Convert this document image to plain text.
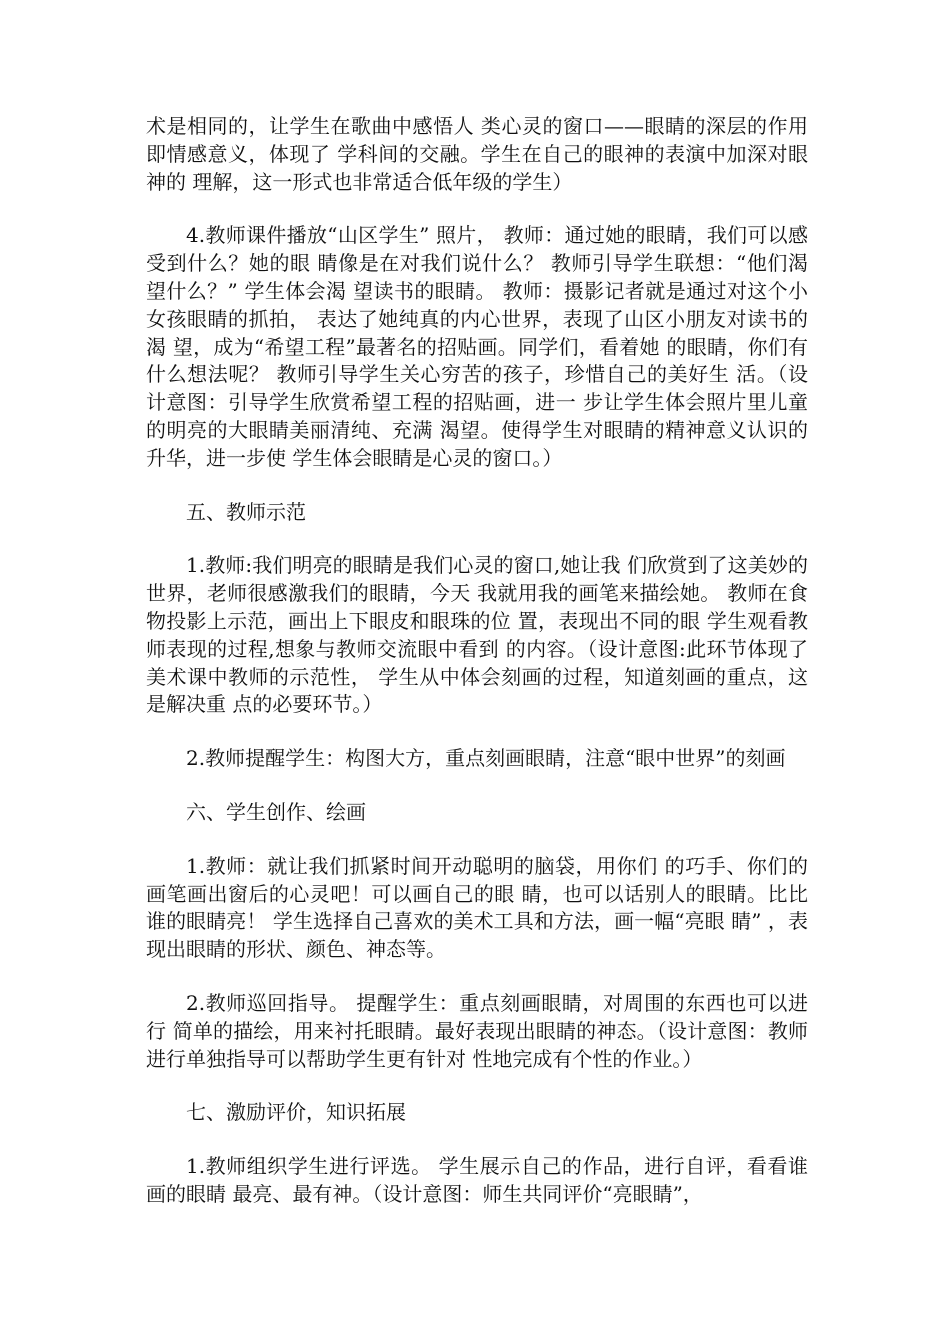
术是相同的，让学生在歌曲中感悟人 类心灵的窗口——眼睛的深层的作用即情感意义，体现了 学科间的交融。学生在自己的眼神的表演中加深对眼神的 理解，这一形式也非常适合低年级的学生）

4.教师课件播放“山区学生” 照片， 教师：通过她的眼睛，我们可以感受到什么？她的眼 睛像是在对我们说什么？ 教师引导学生联想：“他们渴望什么？” 学生体会渴 望读书的眼睛。 教师：摄影记者就是通过对这个小女孩眼睛的抓拍， 表达了她纯真的内心世界，表现了山区小朋友对读书的渴 望，成为“希望工程”最著名的招贴画。同学们，看着她 的眼睛，你们有什么想法呢？ 教师引导学生关心穷苦的孩子，珍惜自己的美好生 活。（设计意图：引导学生欣赏希望工程的招贴画，进一 步让学生体会照片里儿童的明亮的大眼睛美丽清纯、充满 渴望。使得学生对眼睛的精神意义认识的升华，进一步使 学生体会眼睛是心灵的窗口。）

五、教师示范

1.教师:我们明亮的眼睛是我们心灵的窗口,她让我 们欣赏到了这美妙的世界，老师很感激我们的眼睛，今天 我就用我的画笔来描绘她。 教师在食物投影上示范，画出上下眼皮和眼珠的位 置，表现出不同的眼 学生观看教师表现的过程,想象与教师交流眼中看到 的内容。（设计意图:此环节体现了美术课中教师的示范性， 学生从中体会刻画的过程，知道刻画的重点，这是解决重 点的必要环节。）

2.教师提醒学生：构图大方，重点刻画眼睛，注意“眼中世界”的刻画

六、学生创作、绘画

1.教师：就让我们抓紧时间开动聪明的脑袋，用你们 的巧手、你们的画笔画出窗后的心灵吧！可以画自己的眼 睛，也可以话别人的眼睛。比比谁的眼睛亮！ 学生选择自己喜欢的美术工具和方法，画一幅“亮眼 睛” ，表现出眼睛的形状、颜色、神态等。

2.教师巡回指导。 提醒学生：重点刻画眼睛，对周围的东西也可以进行 简单的描绘，用来衬托眼睛。最好表现出眼睛的神态。（设计意图：教师进行单独指导可以帮助学生更有针对 性地完成有个性的作业。）

七、激励评价，知识拓展

1.教师组织学生进行评选。 学生展示自己的作品，进行自评，看看谁画的眼睛 最亮、最有神。（设计意图：师生共同评价“亮眼睛”，
